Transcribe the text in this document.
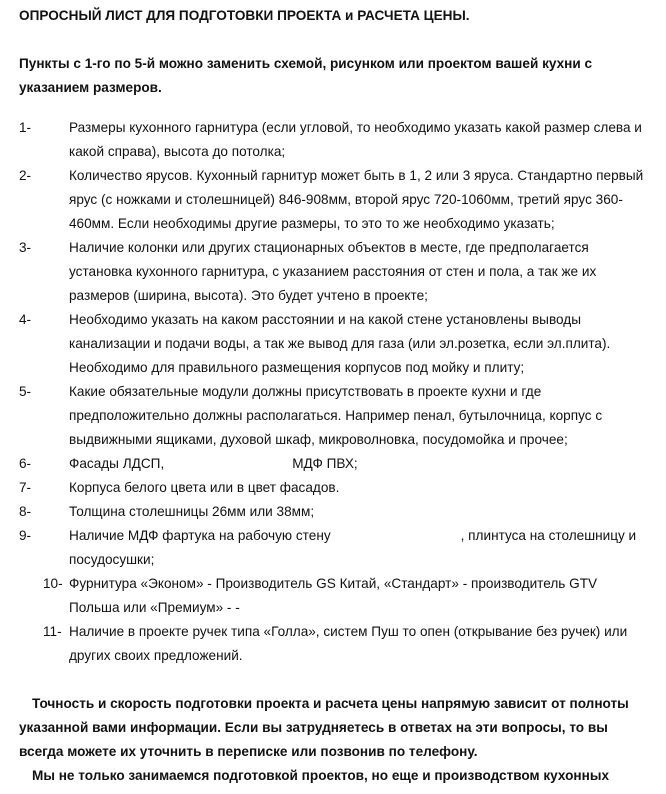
ОПРОСНЫЙ ЛИСТ ДЛЯ ПОДГОТОВКИ ПРОЕКТА и РАСЧЕТА ЦЕНЫ.
Пункты с 1-го по 5-й можно заменить схемой, рисунком или проектом вашей кухни с указанием размеров.
1-	Размеры кухонного гарнитура (если угловой, то необходимо указать какой размер слева и какой справа), высота до потолка;
2-	Количество ярусов. Кухонный гарнитур может быть в 1, 2 или 3 яруса. Стандартно первый ярус (с ножками и столешницей) 846-908мм, второй ярус 720-1060мм, третий ярус 360-460мм. Если необходимы другие размеры, то это то же необходимо указать;
3-	Наличие колонки или других стационарных объектов в месте, где предполагается установка кухонного гарнитура, с указанием расстояния от стен и пола, а так же их размеров (ширина, высота). Это будет учтено в проекте;
4-	Необходимо указать на каком расстоянии и на какой стене установлены выводы канализации и подачи воды, а так же вывод для газа (или эл.розетка, если эл.плита). Необходимо для правильного размещения корпусов под мойку и плиту;
5-	Какие обязательные модули должны присутствовать в проекте кухни и где предположительно должны располагаться. Например пенал, бутылочница, корпус с выдвижными ящиками, духовой шкаф, микроволновка, посудомойка и прочее;
6-	Фасады ЛДСП,	МДФ ПВХ;
7-	Корпуса белого цвета или в цвет фасадов.
8-	Толщина столешницы 26мм или 38мм;
9-	Наличие МДФ фартука на рабочую стену	, плинтуса на столешницу и посудосушки;
10- Фурнитура «Эконом» - Производитель GS Китай, «Стандарт» - производитель GTV Польша или «Премиум» - -
11- Наличие в проекте ручек типа «Голла», систем Пуш то опен (открывание без ручек) или других своих предложений.

Точность и скорость подготовки проекта и расчета цены напрямую зависит от полноты указанной вами информации. Если вы затрудняетесь в ответах на эти вопросы, то вы всегда можете их уточнить в переписке или позвонив по телефону.

Мы не только занимаемся подготовкой проектов, но еще и производством кухонных
